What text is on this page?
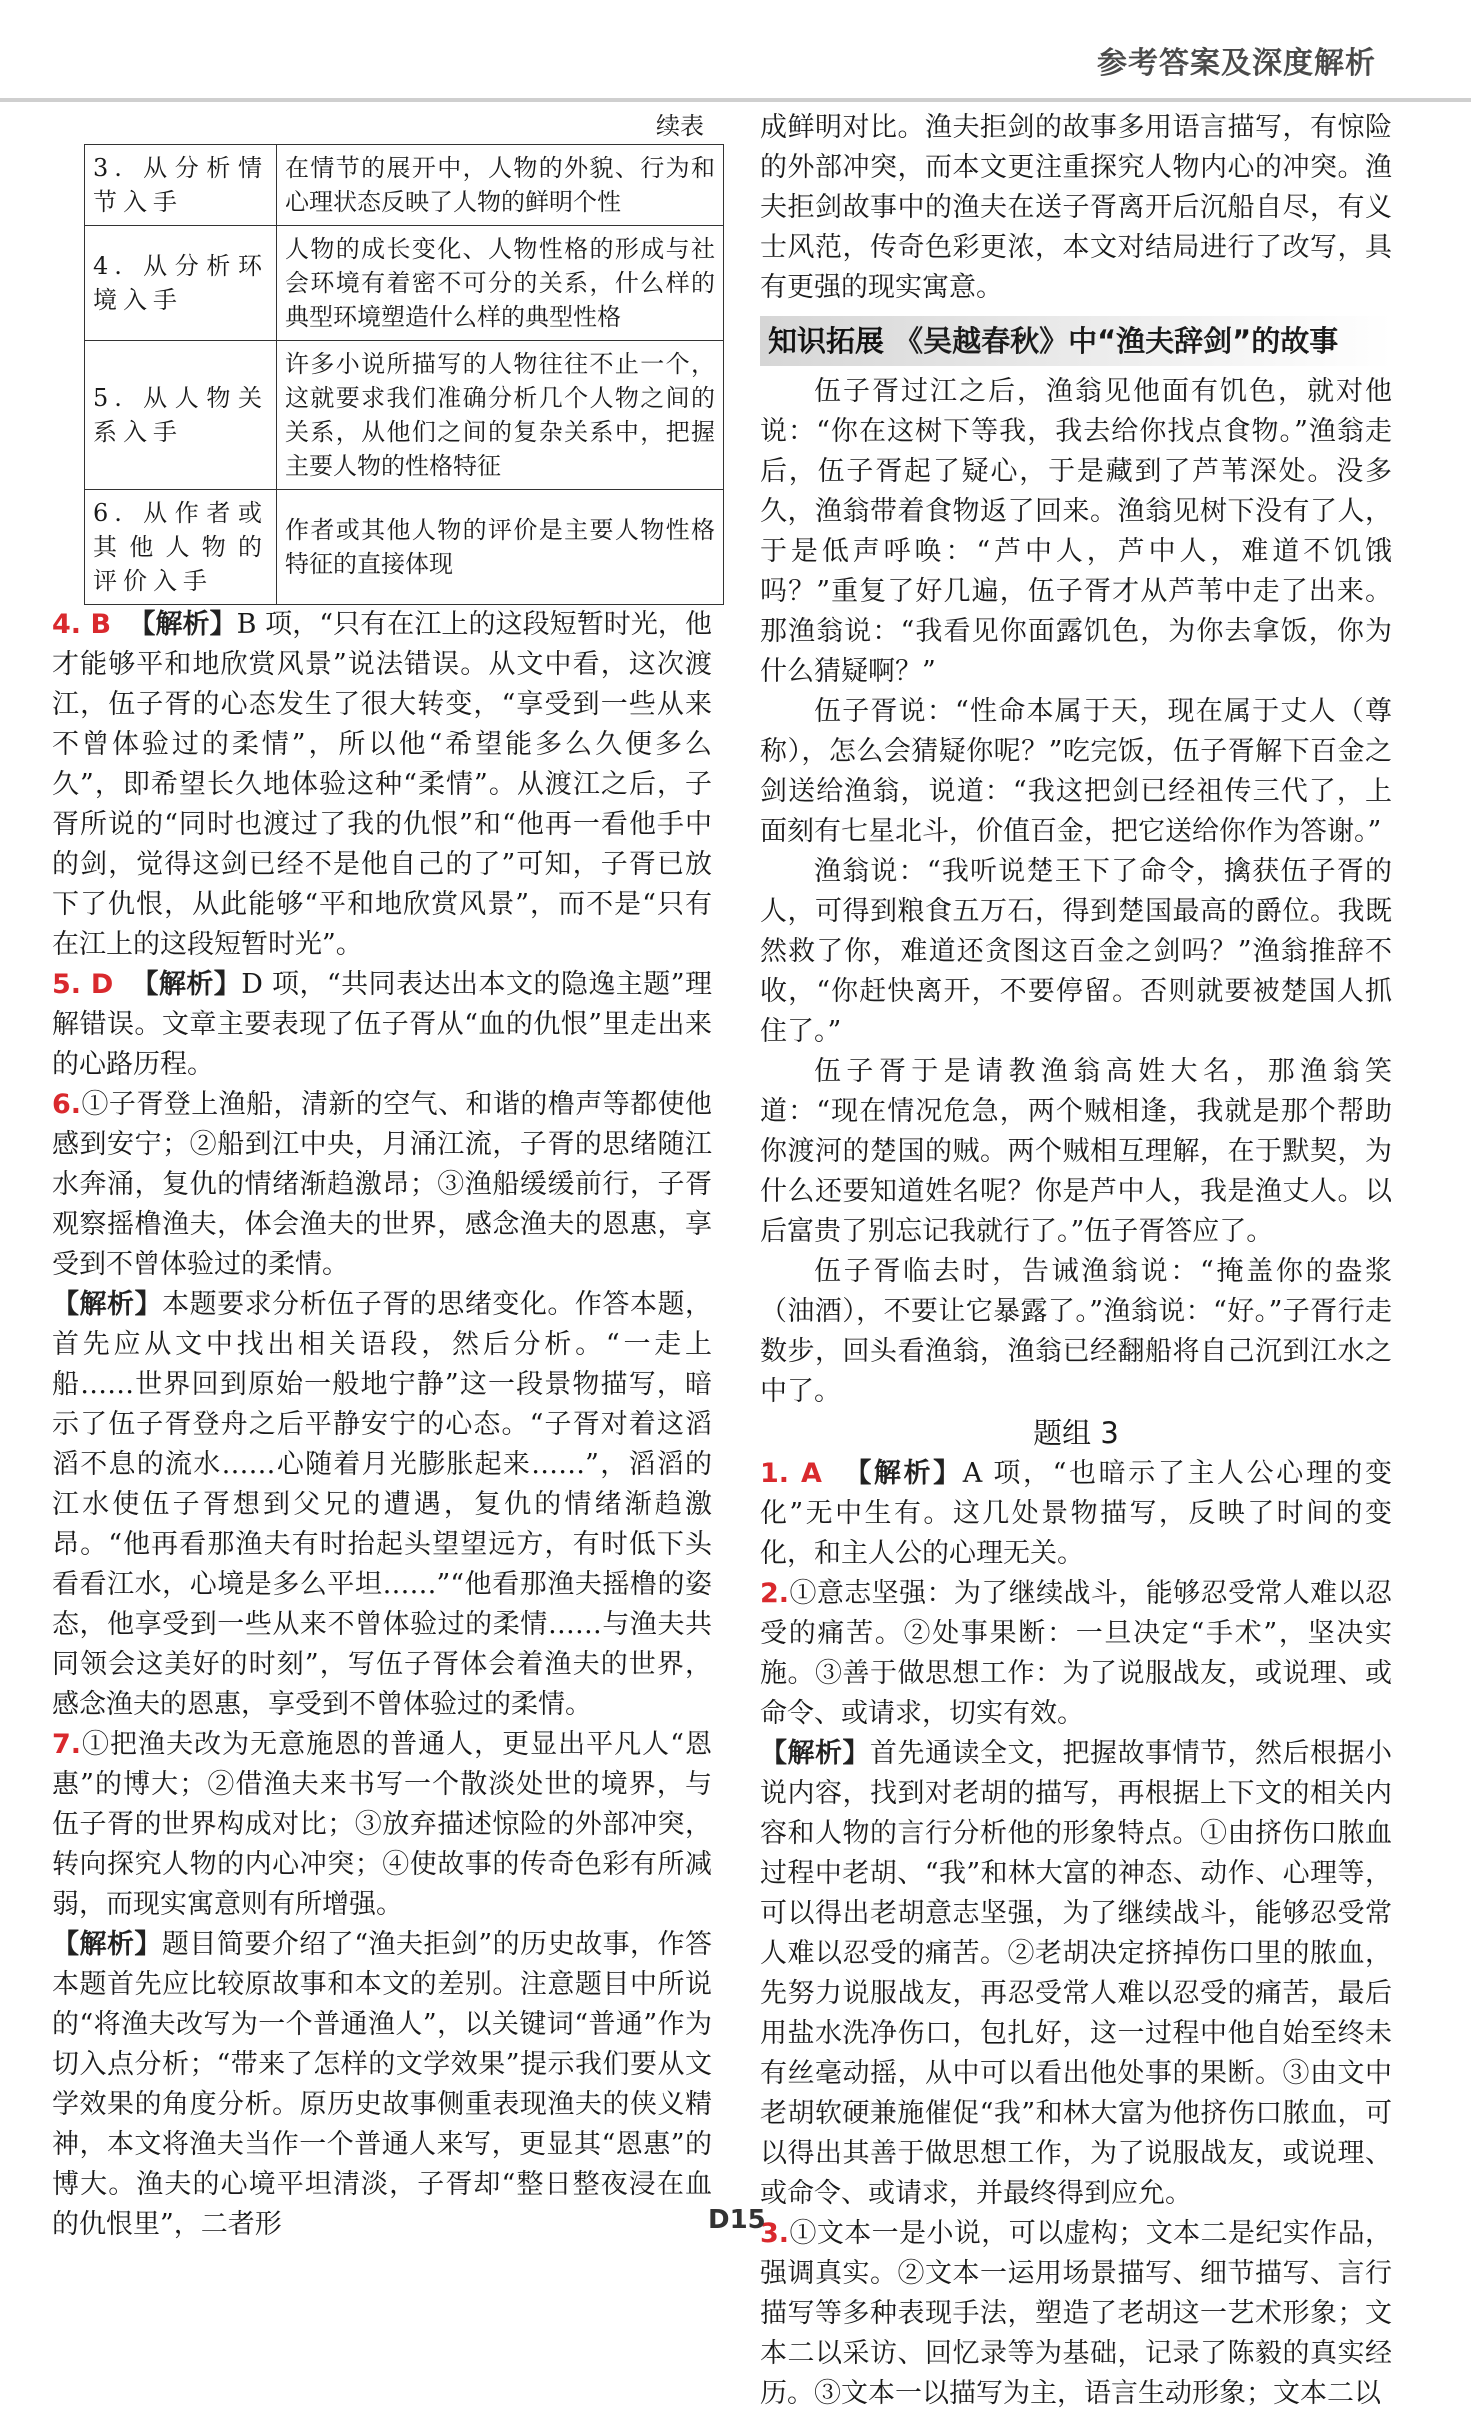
参考答案及深度解析
续表
3. 从分析情节入手	在情节的展开中，人物的外貌、行为和心理状态反映了人物的鲜明个性
4. 从分析环境入手	人物的成长变化、人物性格的形成与社会环境有着密不可分的关系，什么样的典型环境塑造什么样的典型性格
5. 从人物关系入手	许多小说所描写的人物往往不止一个，这就要求我们准确分析几个人物之间的关系，从他们之间的复杂关系中，把握主要人物的性格特征
6. 从作者或其他人物的评价入手	作者或其他人物的评价是主要人物性格特征的直接体现

4. B 【解析】B 项，“只有在江上的这段短暂时光，他才能够平和地欣赏风景”说法错误。从文中看，这次渡江，伍子胥的心态发生了很大转变，“享受到一些从来不曾体验过的柔情”，所以他“希望能多么久便多么久”，即希望长久地体验这种“柔情”。从渡江之后，子胥所说的“同时也渡过了我的仇恨”和“他再一看他手中的剑，觉得这剑已经不是他自己的了”可知，子胥已放下了仇恨，从此能够“平和地欣赏风景”，而不是“只有在江上的这段短暂时光”。

5. D 【解析】D 项，“共同表达出本文的隐逸主题”理解错误。文章主要表现了伍子胥从“血的仇恨”里走出来的心路历程。

6.①子胥登上渔船，清新的空气、和谐的橹声等都使他感到安宁；②船到江中央，月涌江流，子胥的思绪随江水奔涌，复仇的情绪渐趋激昂；③渔船缓缓前行，子胥观察摇橹渔夫，体会渔夫的世界，感念渔夫的恩惠，享受到不曾体验过的柔情。

【解析】本题要求分析伍子胥的思绪变化。作答本题，首先应从文中找出相关语段，然后分析。“一走上船……世界回到原始一般地宁静”这一段景物描写，暗示了伍子胥登舟之后平静安宁的心态。“子胥对着这滔滔不息的流水……心随着月光膨胀起来……”，滔滔的江水使伍子胥想到父兄的遭遇，复仇的情绪渐趋激昂。“他再看那渔夫有时抬起头望望远方，有时低下头看看江水，心境是多么平坦……”“他看那渔夫摇橹的姿态，他享受到一些从来不曾体验过的柔情……与渔夫共同领会这美好的时刻”，写伍子胥体会着渔夫的世界，感念渔夫的恩惠，享受到不曾体验过的柔情。

7.①把渔夫改为无意施恩的普通人，更显出平凡人“恩惠”的博大；②借渔夫来书写一个散淡处世的境界，与伍子胥的世界构成对比；③放弃描述惊险的外部冲突，转向探究人物的内心冲突；④使故事的传奇色彩有所减弱，而现实寓意则有所增强。

【解析】题目简要介绍了“渔夫拒剑”的历史故事，作答本题首先应比较原故事和本文的差别。注意题目中所说的“将渔夫改写为一个普通渔人”，以关键词“普通”作为切入点分析；“带来了怎样的文学效果”提示我们要从文学效果的角度分析。原历史故事侧重表现渔夫的侠义精神，本文将渔夫当作一个普通人来写，更显其“恩惠”的博大。渔夫的心境平坦清淡，子胥却“整日整夜浸在血的仇恨里”，二者形

成鲜明对比。渔夫拒剑的故事多用语言描写，有惊险的外部冲突，而本文更注重探究人物内心的冲突。渔夫拒剑故事中的渔夫在送子胥离开后沉船自尽，有义士风范，传奇色彩更浓，本文对结局进行了改写，具有更强的现实寓意。

知识拓展 《吴越春秋》中“渔夫辞剑”的故事

伍子胥过江之后，渔翁见他面有饥色，就对他说：“你在这树下等我，我去给你找点食物。”渔翁走后，伍子胥起了疑心，于是藏到了芦苇深处。没多久，渔翁带着食物返了回来。渔翁见树下没有了人，于是低声呼唤：“芦中人，芦中人，难道不饥饿吗？”重复了好几遍，伍子胥才从芦苇中走了出来。那渔翁说：“我看见你面露饥色，为你去拿饭，你为什么猜疑啊？”

伍子胥说：“性命本属于天，现在属于丈人（尊称），怎么会猜疑你呢？”吃完饭，伍子胥解下百金之剑送给渔翁，说道：“我这把剑已经祖传三代了，上面刻有七星北斗，价值百金，把它送给你作为答谢。”

渔翁说：“我听说楚王下了命令，擒获伍子胥的人，可得到粮食五万石，得到楚国最高的爵位。我既然救了你，难道还贪图这百金之剑吗？”渔翁推辞不收，“你赶快离开，不要停留。否则就要被楚国人抓住了。”

伍子胥于是请教渔翁高姓大名，那渔翁笑道：“现在情况危急，两个贼相逢，我就是那个帮助你渡河的楚国的贼。两个贼相互理解，在于默契，为什么还要知道姓名呢？你是芦中人，我是渔丈人。以后富贵了别忘记我就行了。”伍子胥答应了。

伍子胥临去时，告诫渔翁说：“掩盖你的盎浆（油酒），不要让它暴露了。”渔翁说：“好。”子胥行走数步，回头看渔翁，渔翁已经翻船将自己沉到江水之中了。

题组 3

1. A 【解析】A 项，“也暗示了主人公心理的变化”无中生有。这几处景物描写，反映了时间的变化，和主人公的心理无关。

2.①意志坚强：为了继续战斗，能够忍受常人难以忍受的痛苦。②处事果断：一旦决定“手术”，坚决实施。③善于做思想工作：为了说服战友，或说理、或命令、或请求，切实有效。

【解析】首先通读全文，把握故事情节，然后根据小说内容，找到对老胡的描写，再根据上下文的相关内容和人物的言行分析他的形象特点。①由挤伤口脓血过程中老胡、“我”和林大富的神态、动作、心理等，可以得出老胡意志坚强，为了继续战斗，能够忍受常人难以忍受的痛苦。②老胡决定挤掉伤口里的脓血，先努力说服战友，再忍受常人难以忍受的痛苦，最后用盐水洗净伤口，包扎好，这一过程中他自始至终未有丝毫动摇，从中可以看出他处事的果断。③由文中老胡软硬兼施催促“我”和林大富为他挤伤口脓血，可以得出其善于做思想工作，为了说服战友，或说理、或命令、或请求，并最终得到应允。

3.①文本一是小说，可以虚构；文本二是纪实作品，强调真实。②文本一运用场景描写、细节描写、言行描写等多种表现手法，塑造了老胡这一艺术形象；文本二以采访、回忆录等为基础，记录了陈毅的真实经历。③文本一以描写为主，语言生动形象；文本二以

D15
